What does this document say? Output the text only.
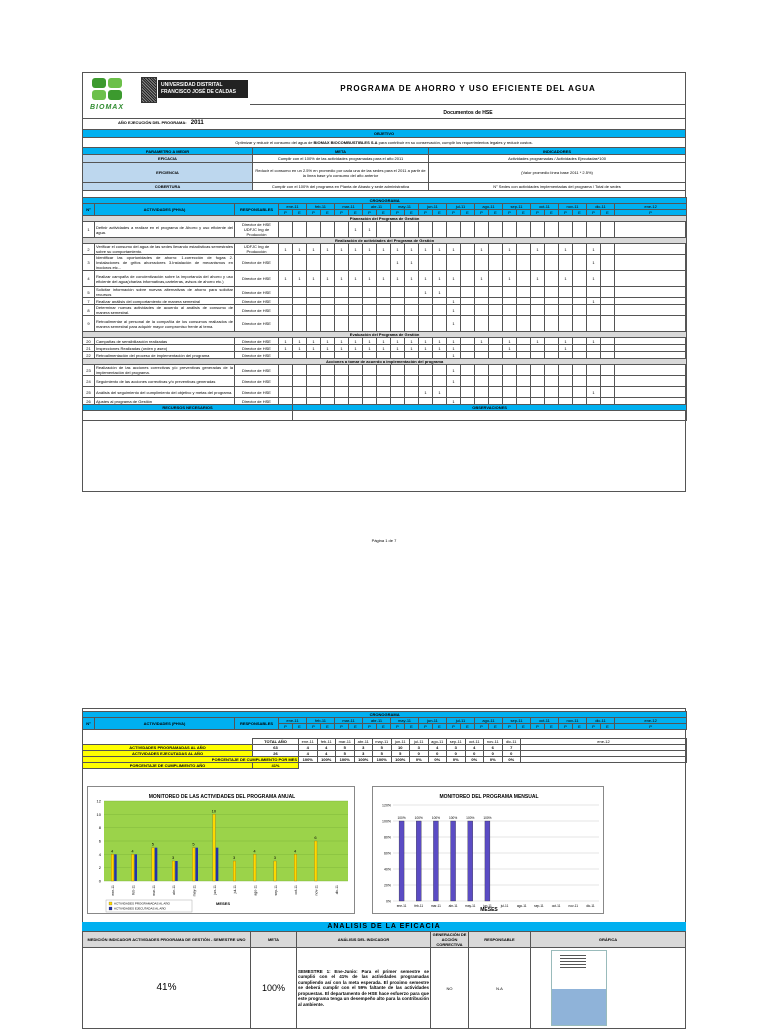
BIOMAX
UNIVERSIDAD DISTRITAL FRANCISCO JOSÉ DE CALDAS	PROGRAMA DE AHORRO Y USO EFICIENTE DEL AGUA
Documentos de HSE
AÑO EJECUCIÓN DEL PROGRAMA: 2011
OBJETIVO		
Optimizar y reducir el consumo del agua de BIOMAX BIOCOMBUSTIBLES S.A para contribuir en su conservación, cumplir los requerimientos legales y reducir costos.		
PARAMETRO A MEDIR	META	INDICADORES
EFICACIA	Cumplir con el 100% de las actividades programadas para el año 2011	Actividades programadas / Actividades Ejecutadas*100
EFICIENCIA	Reducir el consumo en un 2.5% en promedio por cada una de las sedes para el 2011 a partir de la línea base y/o consumo del año anterior	(Valor promedio línea base 2011 * 2.5%)
COBERTURA	Cumplir con el 100% del programa en Planta de Abasto y sede administrativa	N° Sedes con actividades implementadas del programa / Total de sedes
CRONOGRAMA																											
N°	ACTIVIDADES (PHVA)	RESPONSABLES	ene-11		feb-11		mar-11		abr-11		may-11		jun-11		jul-11		ago-11		sep-11		oct-11		nov-11		dic-11		ene-12
			P	E	P	E	P	E	P	E	P	E	P	E	P	E	P	E	P	E	P	E	P	E	P	E	P
Planeación del Programa de Gestión																											
1	Definir actividades a realizar en el programa de Ahorro y uso eficiente del agua.	Director de HSE UDFJC Ing de Producción						1	1																		
Realización de actividades del Programa de Gestión																											
2	Verificar el consumo del agua de las sedes llevando estadísticas semestrales sobre su comportamiento.	UDFJC Ing de Producción	1	1	1	1	1	1	1	1	1	1	1	1	1		1		1		1		1		1		
3	Identificar las oportunidades de ahorro: 1.corrección de fugas 2. Instalaciones de grifos ahorradores 3.Instalación de mecanismos en inodoros etc...	Director de HSE									1	1													1		
4	Realizar campaña de concientización sobre la importancia del ahorro y uso eficiente del agua(charlas informativas,carteleras, avisos de ahorro etc.)	Director de HSE	1	1	1	1	1	1	1	1	1	1	1	1	1		1		1		1		1		1		
5	Solicitar información sobre nuevas alternativas de ahorro para solicitar recursos	Director de HSE											1	1													
7	Realizar análisis del comportamiento de manera semestral	Director de HSE													1										1		
8	Determinar nuevas actividades de acuerdo al análisis de consumo de manera semestral.	Director de HSE													1												
9	Retroalimentar al personal de la compañía de los consumos realizados de manera semestral para adquirir mayor compromiso frente al tema.	Director de HSE													1												
Evaluación del Programa de Gestión																											
20	Campañas de sensibilización realizadas	Director de HSE	1	1	1	1	1	1	1	1	1	1	1	1	1		1		1		1		1		1		
21	Inspecciones Realizadas (orden y aseo)	Director de HSE	1	1	1	1	1	1	1	1	1	1	1	1	1				1				1				
22	Retroalimentación del proceso de implementación del programa	Director de HSE													1												
Acciones a tomar de acuerdo a implementación del programa																											
23	Realización de las acciones correctivas y/o preventivas generadas de la implementación del programa.	Director de HSE													1												
24	Seguimiento de las acciones correctivas y/o preventivas generadas	Director de HSE													1												
25	Análisis del seguimiento del cumplimiento del objetivo y metas del programa.	Director de HSE											1	1											1		
26	Ajustes al programa de Gestión	Director de HSE													1												
RECURSOS NECESARIOS				OBSERVACIONES																							

Página 1 de 7
CRONOGRAMA																											
N°	ACTIVIDADES (PHVA)	RESPONSABLES	ene-11		feb-11		mar-11		abr-11		may-11		jun-11		jul-11		ago-11		sep-11		oct-11		nov-11		dic-11		ene-12
			P	E	P	E	P	E	P	E	P	E	P	E	P	E	P	E	P	E	P	E	P	E	P	E	P
	TOTAL AÑO	ene-11	feb-11	mar-11	abr-11	may-11	jun-11	jul-11	ago-11	sep-11	oct-11	nov-11	dic-11	ene-12
ACTIVIDADES PROGRAMADAS AL AÑO	63	4	4	5	3	5	10	3	4	3	4	6	7	
ACTIVIDADES EJECUTADAS AL AÑO	26	4	4	5	3	5	5	0	0	0	0	0	0	
PORCENTAJE DE CUMPLIMIENTO POR MES		100%	100%	100%	100%	100%	100%	0%	0%	0%	0%	0%	0%	
PORCENTAJE DE CUMPLIMIENTO AÑO	41%													
MONITOREO DE LAS ACTIVIDADES DEL PROGRAMA ANUAL
0
2
4
6
8
10
12
4
ene-11
4
feb-11
5
mar-11
3
abr-11
5
may-11
10
jun-11
3
jul-11
4
ago-11
3
sep-11
4
oct-11
6
nov-11	dic-11
ACTIVIDADES PROGRAMADAS AL AÑO
ACTIVIDADES EJECUTADAS AL AÑO
MESES
MONITOREO DEL PROGRAMA MENSUAL
0%
20%
40%
60%
80%
100%
120%
100%
ene-11
100%
feb-11
100%
mar-11
100%
abr-11
100%
may-11
100%
jun-11	jul-11	ago-11 sep-11	oct-11	nov-11	dic-11
MESES
ANALISIS DE LA EFICACIA
MEDICIÓN INDICADOR ACTIVIDADES PROGRAMA DE GESTIÓN - SEMESTRE UNO	META	ANÁLISIS DEL INDICADOR	GENERACIÓN DE ACCIÓN CORRECTIVA	RESPONSABLE	GRÁFICA
41%	100%	SEMESTRE 1: Ene-Junio: Para el primer semestre se cumplió con el 41% de las actividades programadas cumpliendo así con la meta esperada. El proximo semestre se deberá cumplir con el 59% faltante de las actividades propuestas. El departamento de HSE hace esfuerzo para que este programa tenga un desempeño alto para la contribución al ambiente.	NO	N.A	
